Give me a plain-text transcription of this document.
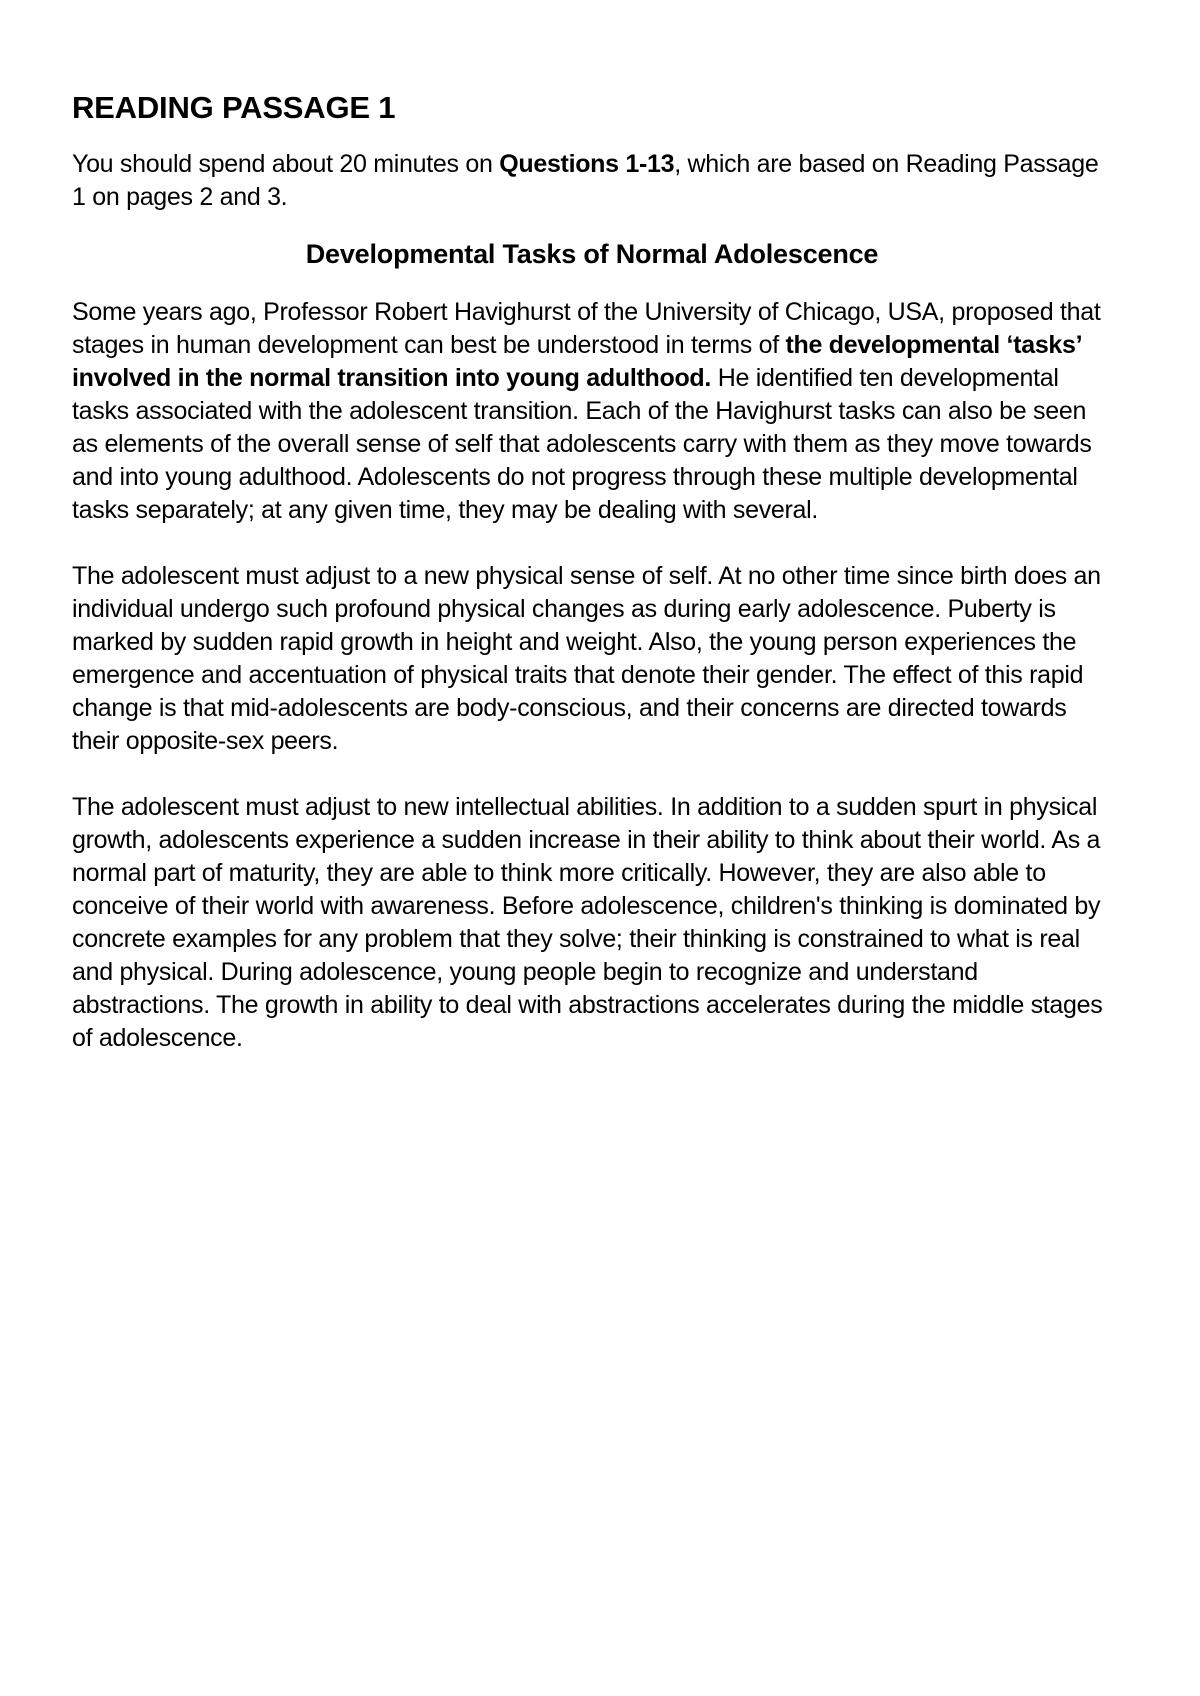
READING PASSAGE 1

You should spend about 20 minutes on Questions 1-13, which are based on Reading Passage 1 on pages 2 and 3.

Developmental Tasks of Normal Adolescence

Some years ago, Professor Robert Havighurst of the University of Chicago, USA, proposed that stages in human development can best be understood in terms of the developmental ‘tasks’ involved in the normal transition into young adulthood. He identified ten developmental tasks associated with the adolescent transition. Each of the Havighurst tasks can also be seen as elements of the overall sense of self that adolescents carry with them as they move towards and into young adulthood. Adolescents do not progress through these multiple developmental tasks separately; at any given time, they may be dealing with several.

The adolescent must adjust to a new physical sense of self. At no other time since birth does an individual undergo such profound physical changes as during early adolescence. Puberty is marked by sudden rapid growth in height and weight. Also, the young person experiences the emergence and accentuation of physical traits that denote their gender. The effect of this rapid change is that mid-adolescents are body-conscious, and their concerns are directed towards their opposite-sex peers.

The adolescent must adjust to new intellectual abilities. In addition to a sudden spurt in physical growth, adolescents experience a sudden increase in their ability to think about their world. As a normal part of maturity, they are able to think more critically. However, they are also able to conceive of their world with awareness. Before adolescence, children's thinking is dominated by concrete examples for any problem that they solve; their thinking is constrained to what is real and physical. During adolescence, young people begin to recognize and understand abstractions. The growth in ability to deal with abstractions accelerates during the middle stages of adolescence.
